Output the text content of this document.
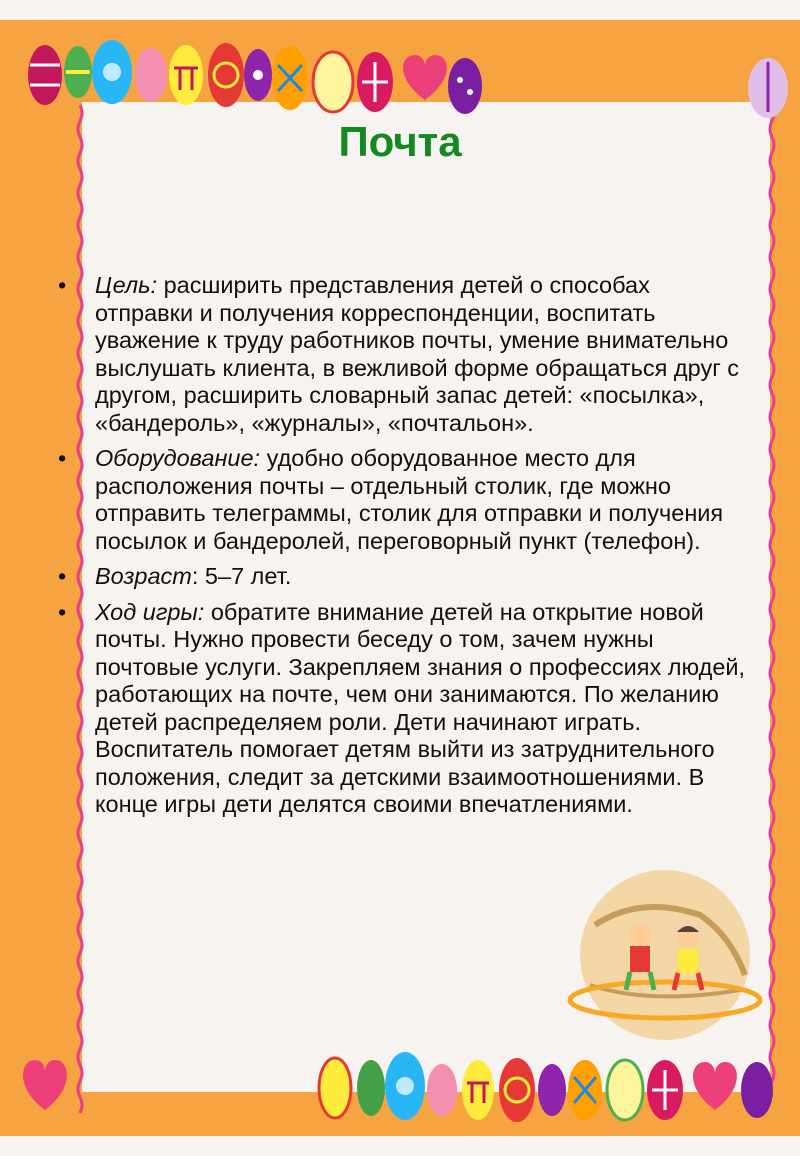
Почта
• Цель: расширить представления детей о способах отправки и получения корреспонденции, воспитать уважение к труду работников почты, умение внимательно выслушать клиента, в вежливой форме обращаться друг с другом, расширить словарный запас детей: «посылка», «бандероль», «журналы», «почтальон».
• Оборудование: удобно оборудованное место для расположения почты – отдельный столик, где можно отправить телеграммы, столик для отправки и получения посылок и бандеролей, переговорный пункт (телефон).
• Возраст: 5–7 лет.
• Ход игры: обратите внимание детей на открытие новой почты. Нужно провести беседу о том, зачем нужны почтовые услуги. Закрепляем знания о профессиях людей, работающих на почте, чем они занимаются. По желанию детей распределяем роли. Дети начинают играть. Воспитатель помогает детям выйти из затруднительного положения, следит за детскими взаимоотношениями. В конце игры дети делятся своими впечатлениями.
